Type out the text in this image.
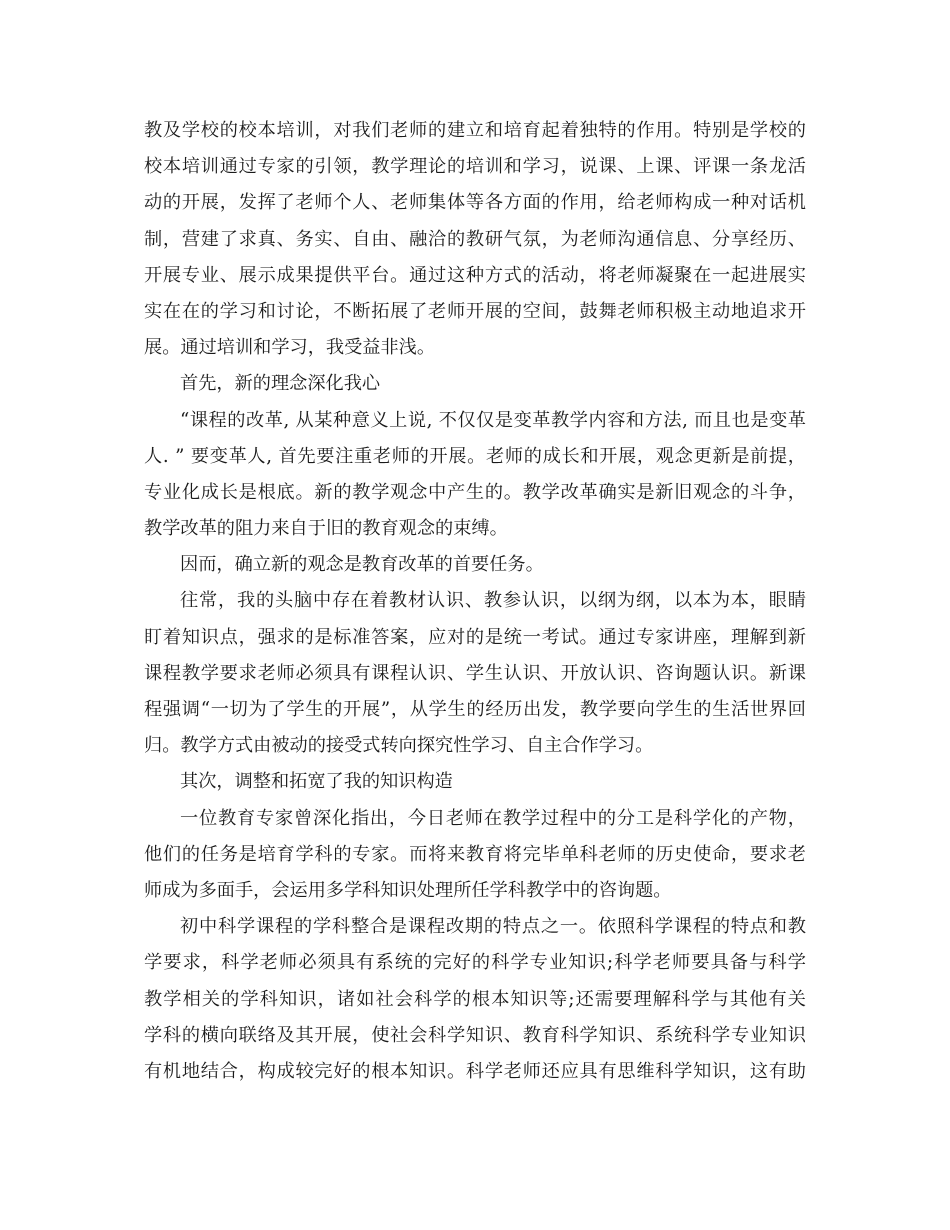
教及学校的校本培训，对我们老师的建立和培育起着独特的作用。特别是学校的
校本培训通过专家的引领，教学理论的培训和学习，说课、上课、评课一条龙活
动的开展，发挥了老师个人、老师集体等各方面的作用，给老师构成一种对话机
制，营建了求真、务实、自由、融洽的教研气氛，为老师沟通信息、分享经历、
开展专业、展示成果提供平台。通过这种方式的活动，将老师凝聚在一起进展实
实在在的学习和讨论，不断拓展了老师开展的空间，鼓舞老师积极主动地追求开
展。通过培训和学习，我受益非浅。
首先，新的理念深化我心
“课程的改革, 从某种意义上说, 不仅仅是变革教学内容和方法, 而且也是变革
人. ” 要变革人, 首先要注重老师的开展。老师的成长和开展，观念更新是前提，
专业化成长是根底。新的教学观念中产生的。教学改革确实是新旧观念的斗争，
教学改革的阻力来自于旧的教育观念的束缚。
因而，确立新的观念是教育改革的首要任务。
往常，我的头脑中存在着教材认识、教参认识，以纲为纲，以本为本，眼睛
盯着知识点，强求的是标准答案，应对的是统一考试。通过专家讲座，理解到新
课程教学要求老师必须具有课程认识、学生认识、开放认识、咨询题认识。新课
程强调“一切为了学生的开展”，从学生的经历出发，教学要向学生的生活世界回
归。教学方式由被动的接受式转向探究性学习、自主合作学习。
其次，调整和拓宽了我的知识构造
一位教育专家曾深化指出，今日老师在教学过程中的分工是科学化的产物，
他们的任务是培育学科的专家。而将来教育将完毕单科老师的历史使命，要求老
师成为多面手，会运用多学科知识处理所任学科教学中的咨询题。
初中科学课程的学科整合是课程改期的特点之一。依照科学课程的特点和教
学要求，科学老师必须具有系统的完好的科学专业知识;科学老师要具备与科学
教学相关的学科知识，诸如社会科学的根本知识等;还需要理解科学与其他有关
学科的横向联络及其开展，使社会科学知识、教育科学知识、系统科学专业知识
有机地结合，构成较完好的根本知识。科学老师还应具有思维科学知识，这有助
